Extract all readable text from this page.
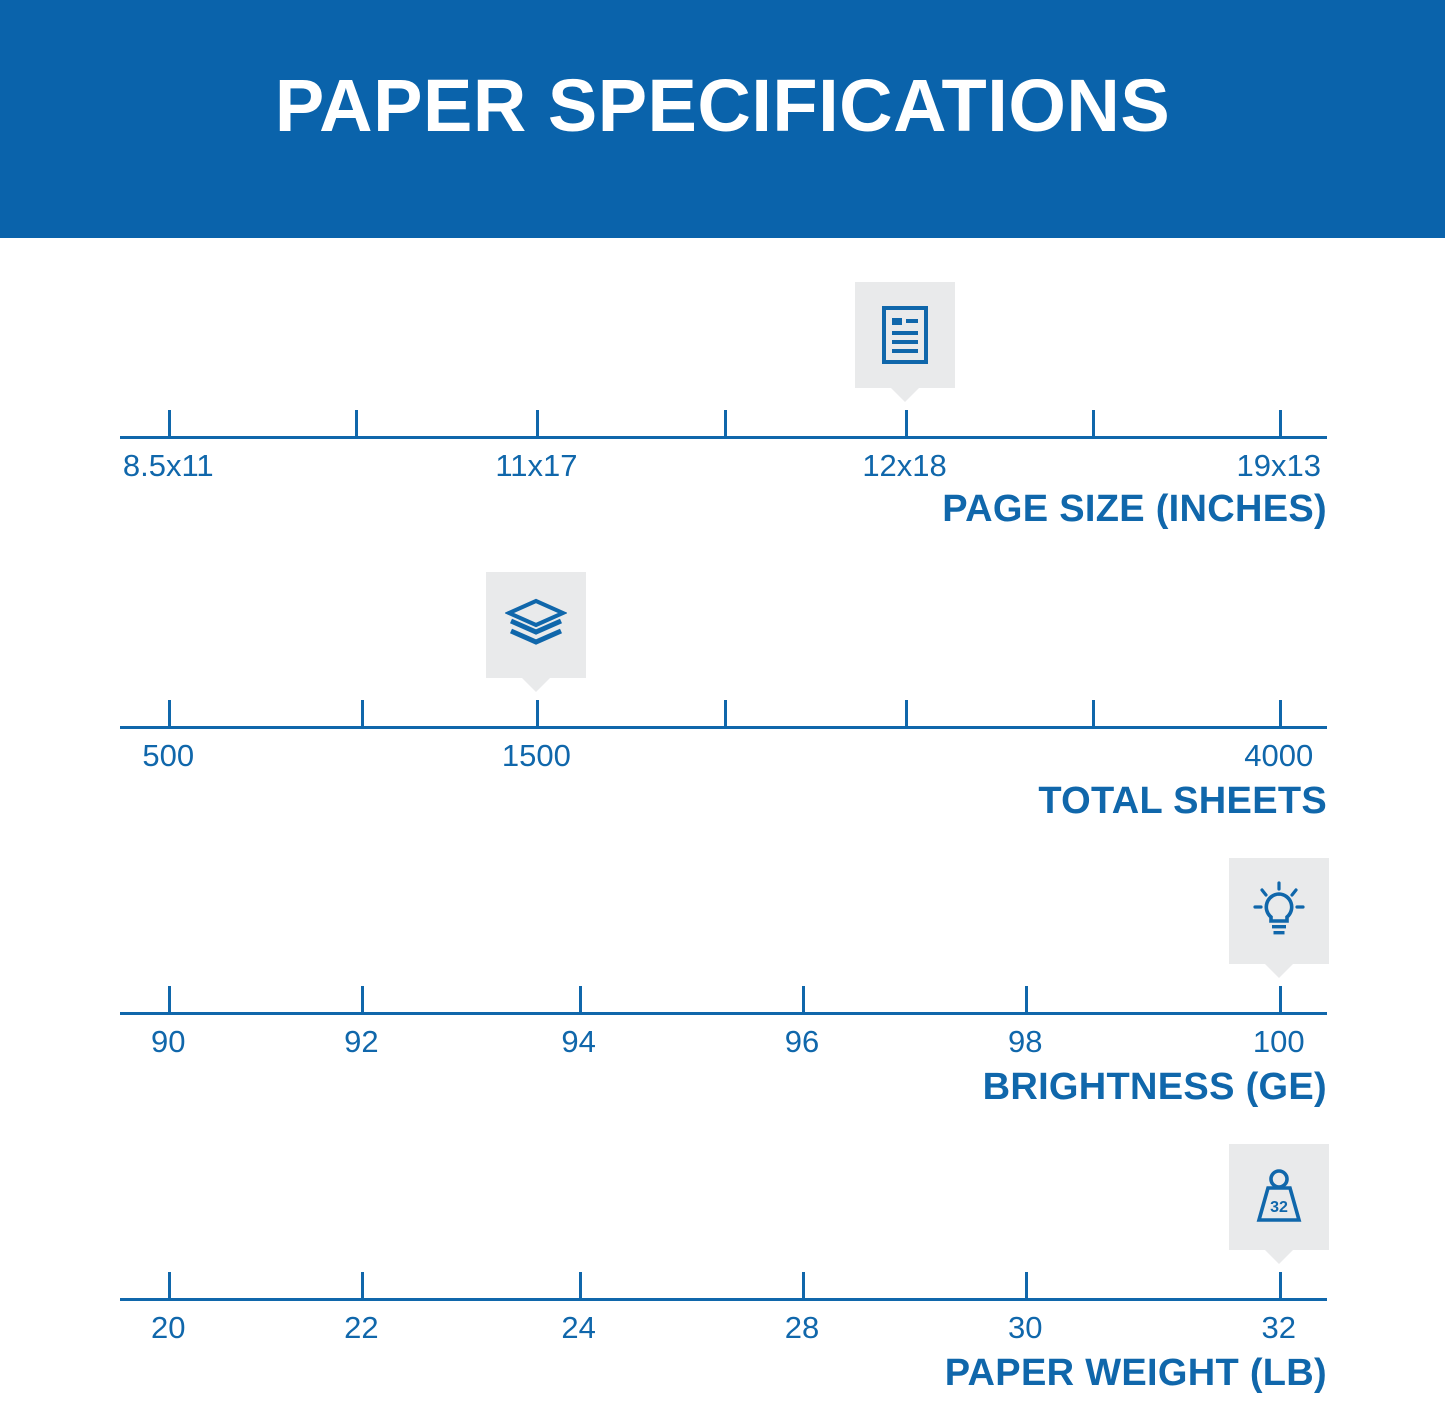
PAPER SPECIFICATIONS
8.5x11	11x17	12x18	19x13
PAGE SIZE (INCHES)
500	1500	4000
TOTAL SHEETS
90	92	94	96	98	100
BRIGHTNESS (GE)
32
20	22	24	28	30	32
PAPER WEIGHT (LB)
